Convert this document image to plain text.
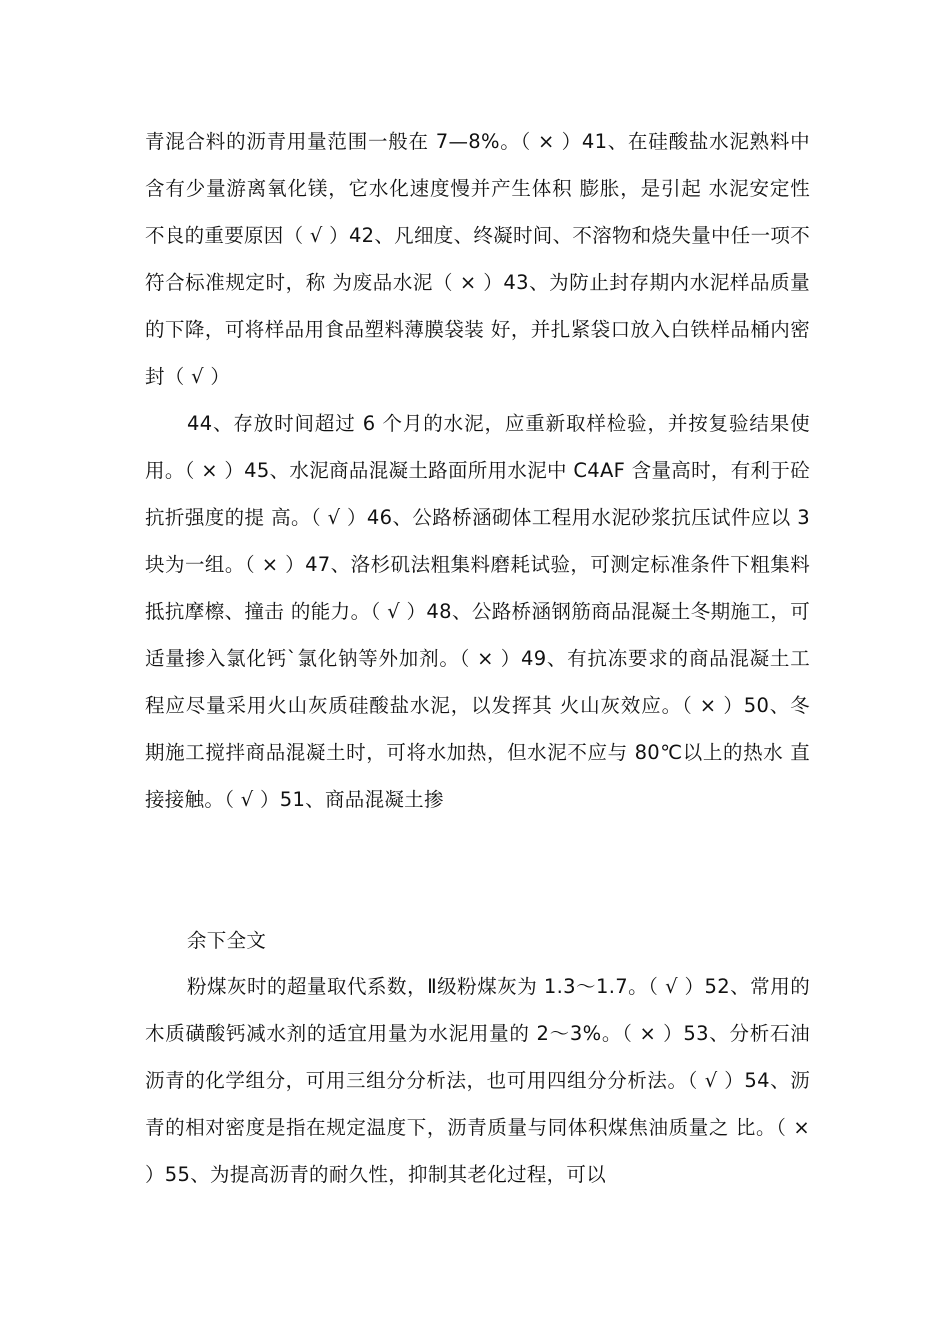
青混合料的沥青用量范围一般在 7—8%。（ × ）41、在硅酸盐水泥熟料中含有少量游离氧化镁，它水化速度慢并产生体积 膨胀，是引起 水泥安定性不良的重要原因（ √ ）42、凡细度、终凝时间、不溶物和烧失量中任一项不符合标准规定时，称 为废品水泥（ × ）43、为防止封存期内水泥样品质量的下降，可将样品用食品塑料薄膜袋装 好，并扎紧袋口放入白铁样品桶内密封（ √ ）

44、存放时间超过 6 个月的水泥，应重新取样检验，并按复验结果使用。（ × ）45、水泥商品混凝土路面所用水泥中 C4AF 含量高时，有利于砼抗折强度的提 高。（ √ ）46、公路桥涵砌体工程用水泥砂浆抗压试件应以 3 块为一组。（ × ）47、洛杉矶法粗集料磨耗试验，可测定标准条件下粗集料抵抗摩檫、撞击 的能力。（ √ ）48、公路桥涵钢筋商品混凝土冬期施工，可适量掺入氯化钙`氯化钠等外加剂。（ × ）49、有抗冻要求的商品混凝土工程应尽量采用火山灰质硅酸盐水泥，以发挥其 火山灰效应。（ × ）50、冬期施工搅拌商品混凝土时，可将水加热，但水泥不应与 80℃以上的热水 直接接触。（ √ ）51、商品混凝土掺

余下全文

粉煤灰时的超量取代系数，Ⅱ级粉煤灰为 1.3～1.7。（ √ ）52、常用的木质磺酸钙减水剂的适宜用量为水泥用量的 2～3%。（ × ）53、分析石油沥青的化学组分，可用三组分分析法，也可用四组分分析法。（ √ ）54、沥青的相对密度是指在规定温度下，沥青质量与同体积煤焦油质量之 比。（ × ）55、为提高沥青的耐久性，抑制其老化过程，可以
